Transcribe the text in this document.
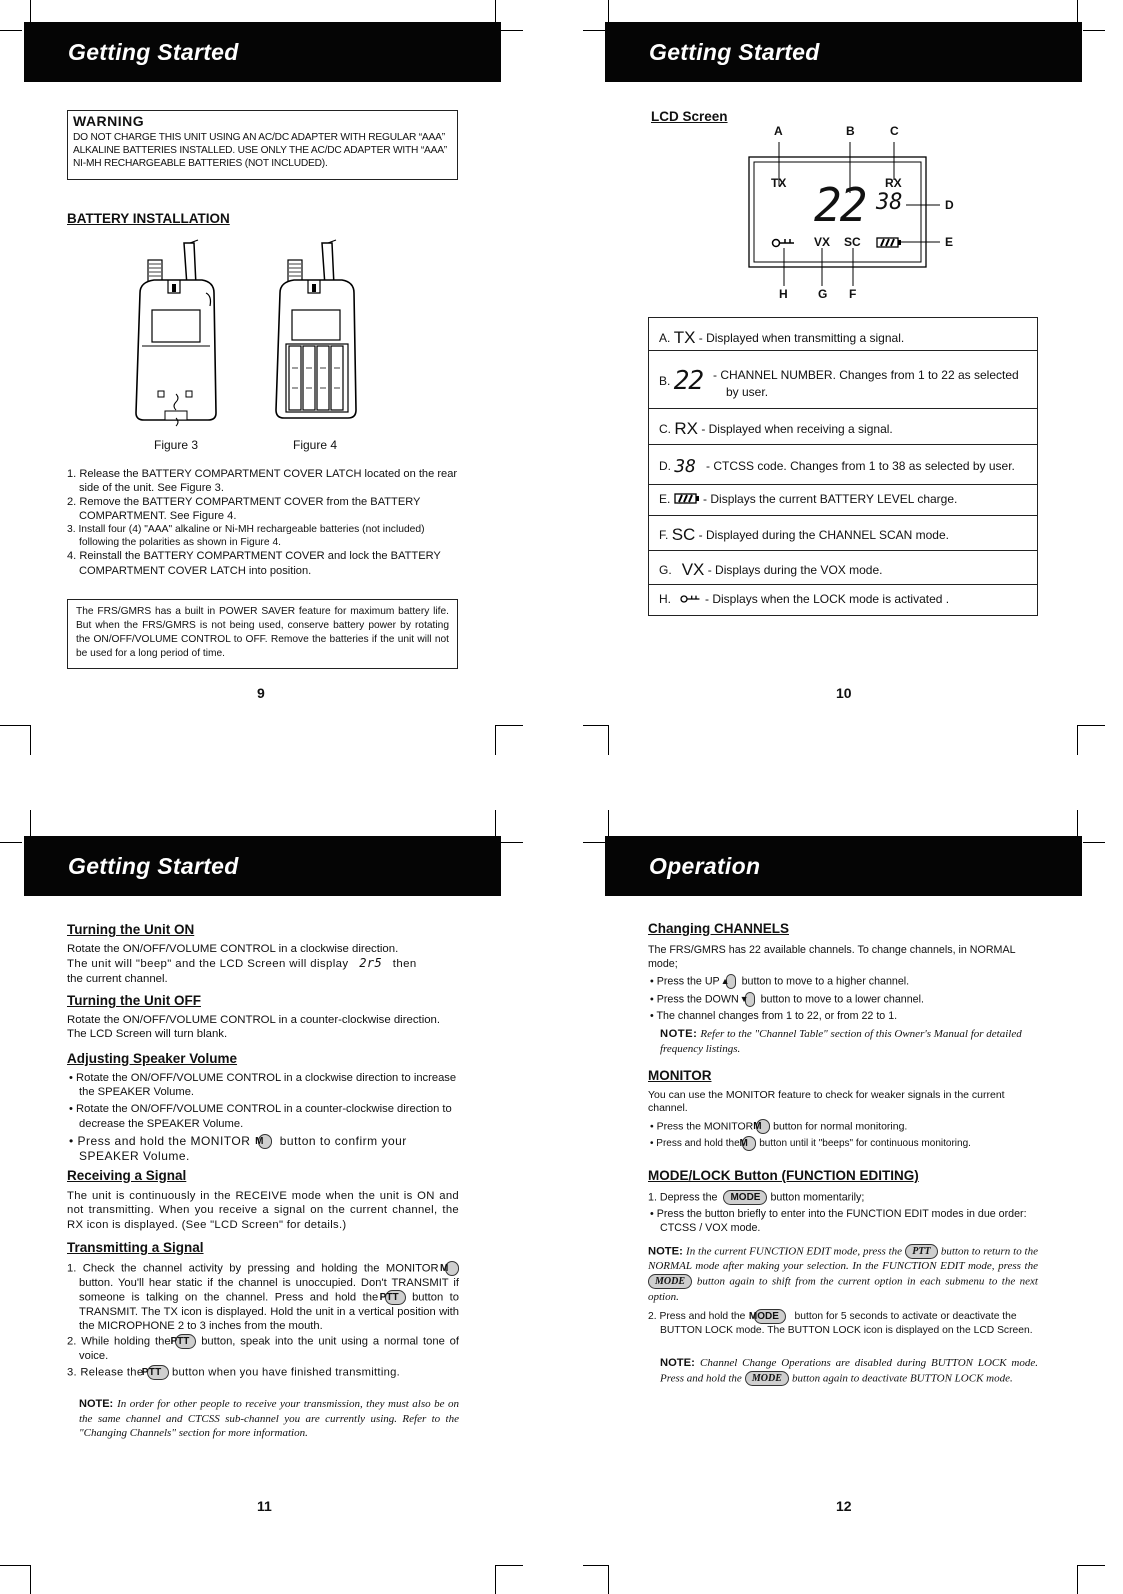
Getting Started	Getting Started
Getting Started	Operation
WARNING
DO NOT CHARGE THIS UNIT USING AN AC/DC ADAPTER WITH REGULAR “AAA” ALKALINE BATTERIES INSTALLED. USE ONLY THE AC/DC ADAPTER WITH “AAA” NI-MH RECHARGEABLE BATTERIES (NOT INCLUDED).
BATTERY INSTALLATION
Figure 3	Figure 4
1. Release the BATTERY COMPARTMENT COVER LATCH located on the rear side of the unit. See Figure 3.
2. Remove the BATTERY COMPARTMENT COVER from the BATTERY COMPARTMENT. See Figure 4.
3. Install four (4) "AAA" alkaline or Ni-MH rechargeable batteries (not included) following the polarities as shown in Figure 4.
4. Reinstall the BATTERY COMPARTMENT COVER and lock the BATTERY COMPARTMENT COVER LATCH into position.
The FRS/GMRS has a built in POWER SAVER feature for maximum battery life. But when the FRS/GMRS is not being used, conserve battery power by rotating the ON/OFF/VOLUME CONTROL to OFF. Remove the batteries if the unit will not be used for a long period of time.
9
LCD Screen
A	B	C
D
E
H	G F
TX	RX
22 38
VX SC
A. TX - Displayed when transmitting a signal.
B. 22 - CHANNEL NUMBER. Changes from 1 to 22 as selected by user.
C. RX - Displayed when receiving a signal.
D. 38 - CTCSS code. Changes from 1 to 38 as selected by user.
E.	- Displays the current BATTERY LEVEL charge.
F. SC - Displayed during the CHANNEL SCAN mode.
G. VX - Displays during the VOX mode.
H.	- Displays when the LOCK mode is activated .
10
Turning the Unit ON
Rotate the ON/OFF/VOLUME CONTROL in a clockwise direction.
The unit will "beep" and the LCD Screen will display 2r5 then
the current channel.
Turning the Unit OFF
Rotate the ON/OFF/VOLUME CONTROL in a counter-clockwise direction. The LCD Screen will turn blank.
Adjusting Speaker Volume
• Rotate the ON/OFF/VOLUME CONTROL in a clockwise direction to increase the SPEAKER Volume.
• Rotate the ON/OFF/VOLUME CONTROL in a counter-clockwise direction to decrease the SPEAKER Volume.
• Press and hold the MONITOR M button to confirm your SPEAKER Volume.
Receiving a Signal
The unit is continuously in the RECEIVE mode when the unit is ON and not transmitting. When you receive a signal on the current channel, the RX icon is displayed. (See "LCD Screen" for details.)
Transmitting a Signal
1. Check the channel activity by pressing and holding the MONITOR M button. You'll hear static if the channel is unoccupied. Don't TRANSMIT if someone is talking on the channel. Press and hold the PTT button to TRANSMIT. The TX icon is displayed. Hold the unit in a vertical position with the MICROPHONE 2 to 3 inches from the mouth.
2. While holding the PTT button, speak into the unit using a normal tone of voice.
3. Release the PTT button when you have finished transmitting.
NOTE: In order for other people to receive your transmission, they must also be on the same channel and CTCSS sub-channel you are currently using. Refer to the "Changing Channels" section for more information.
11
Changing CHANNELS
The FRS/GMRS has 22 available channels. To change channels, in NORMAL mode;
• Press the UP  ▲ button to move to a higher channel.
• Press the DOWN  ▼ button to move to a lower channel.
• The channel changes from 1 to 22, or from 22 to 1.
NOTE: Refer to the "Channel Table" section of this Owner's Manual for detailed frequency listings.
MONITOR
You can use the MONITOR feature to check for weaker signals in the current channel.
• Press the MONITOR M button for normal monitoring.
• Press and hold the M button until it "beeps" for continuous monitoring.
MODE/LOCK Button (FUNCTION EDITING)
1. Depress the MODE button momentarily;
• Press the button briefly to enter into the FUNCTION EDIT modes in due order: CTCSS / VOX mode.
NOTE: In the current FUNCTION EDIT mode, press the PTT button to return to the NORMAL mode after making your selection. In the FUNCTION EDIT mode, press the MODE button again to shift from the current option in each submenu to the next option.
2. Press and hold the MODE button for 5 seconds to activate or deactivate the BUTTON LOCK mode. The BUTTON LOCK icon is displayed on the LCD Screen.
NOTE: Channel Change Operations are disabled during BUTTON LOCK mode. Press and hold the MODE button again to deactivate BUTTON LOCK mode.
12
